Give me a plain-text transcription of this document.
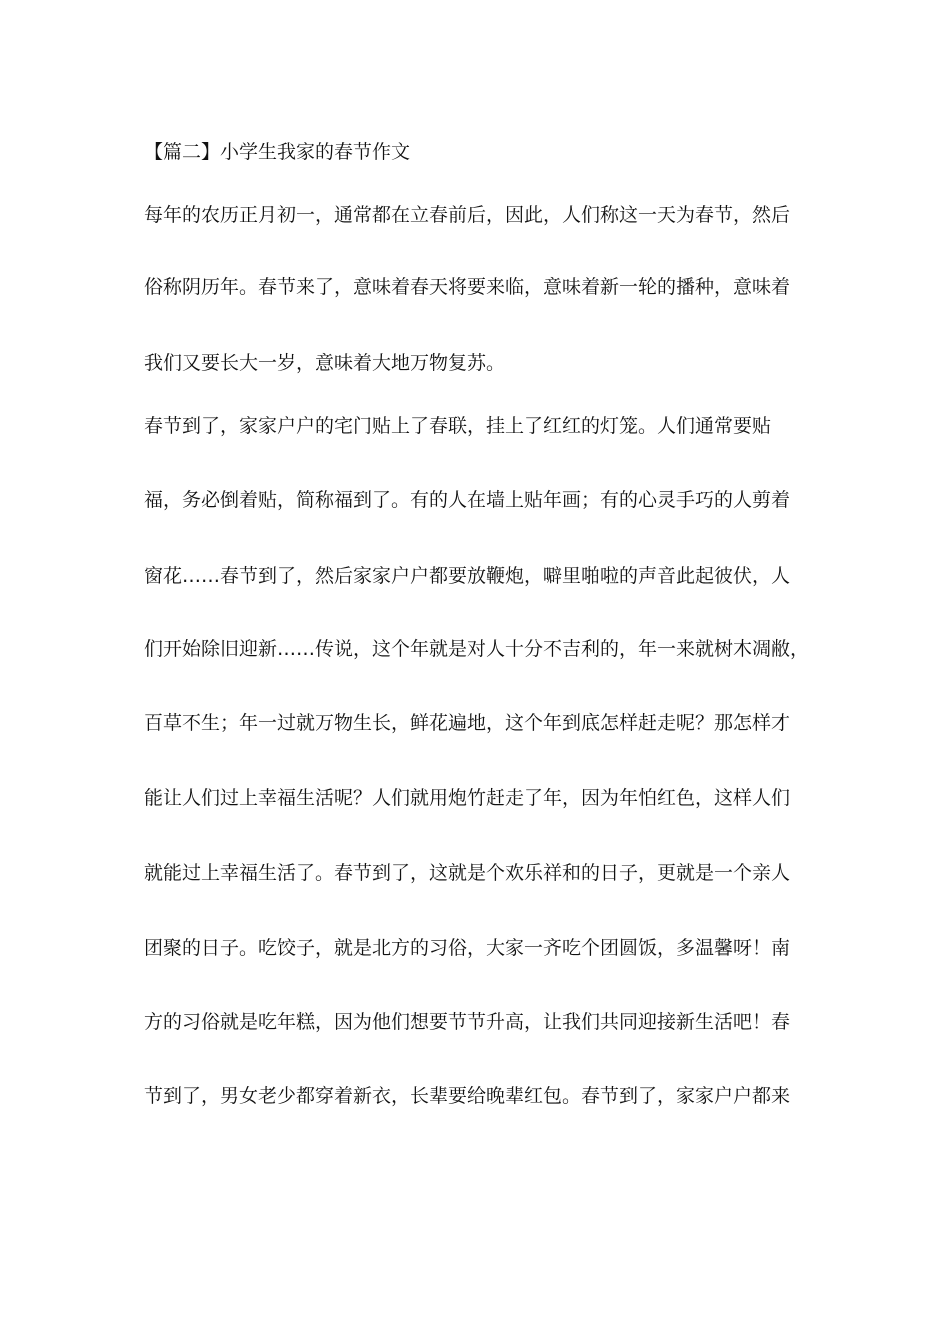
【篇二】小学生我家的春节作文
每年的农历正月初一，通常都在立春前后，因此，人们称这一天为春节，然后
俗称阴历年。春节来了，意味着春天将要来临，意味着新一轮的播种，意味着
我们又要长大一岁，意味着大地万物复苏。
春节到了，家家户户的宅门贴上了春联，挂上了红红的灯笼。人们通常要贴
福，务必倒着贴，简称福到了。有的人在墙上贴年画；有的心灵手巧的人剪着
窗花……春节到了，然后家家户户都要放鞭炮，噼里啪啦的声音此起彼伏，人
们开始除旧迎新……传说，这个年就是对人十分不吉利的，年一来就树木凋敝，
百草不生；年一过就万物生长，鲜花遍地，这个年到底怎样赶走呢？那怎样才
能让人们过上幸福生活呢？人们就用炮竹赶走了年，因为年怕红色，这样人们
就能过上幸福生活了。春节到了，这就是个欢乐祥和的日子，更就是一个亲人
团聚的日子。吃饺子，就是北方的习俗，大家一齐吃个团圆饭，多温馨呀！南
方的习俗就是吃年糕，因为他们想要节节升高，让我们共同迎接新生活吧！春
节到了，男女老少都穿着新衣，长辈要给晚辈红包。春节到了，家家户户都来
